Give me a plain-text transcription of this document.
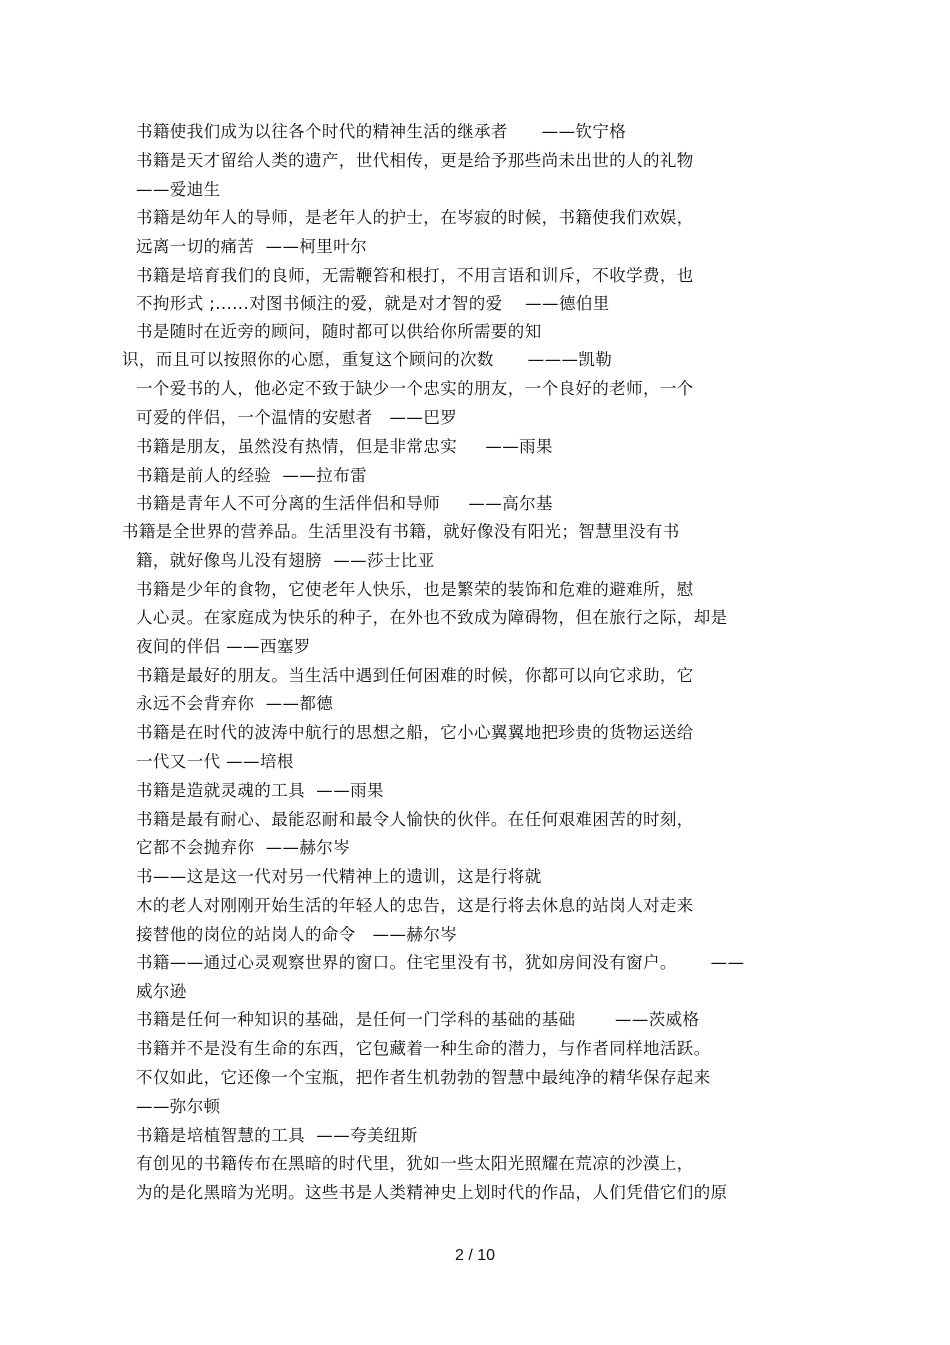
书籍使我们成为以往各个时代的精神生活的继承者      ——钦宁格
书籍是天才留给人类的遗产，世代相传，更是给予那些尚未出世的人的礼物
——爱迪生
书籍是幼年人的导师，是老年人的护士，在岑寂的时候，书籍使我们欢娱，
远离一切的痛苦  ——柯里叶尔
书籍是培育我们的良师，无需鞭笞和根打，不用言语和训斥，不收学费，也
不拘形式 ;......对图书倾注的爱，就是对才智的爱    ——德伯里
书是随时在近旁的顾问，随时都可以供给你所需要的知
识，而且可以按照你的心愿，重复这个顾问的次数      ———凯勒
一个爱书的人，他必定不致于缺少一个忠实的朋友，一个良好的老师，一个
可爱的伴侣，一个温情的安慰者   ——巴罗
书籍是朋友，虽然没有热情，但是非常忠实     ——雨果
书籍是前人的经验  ——拉布雷
书籍是青年人不可分离的生活伴侣和导师     ——高尔基
书籍是全世界的营养品。生活里没有书籍，就好像没有阳光；智慧里没有书
籍，就好像鸟儿没有翅膀  ——莎士比亚
书籍是少年的食物，它使老年人快乐，也是繁荣的装饰和危难的避难所，慰
人心灵。在家庭成为快乐的种子，在外也不致成为障碍物，但在旅行之际，却是
夜间的伴侣 ——西塞罗
书籍是最好的朋友。当生活中遇到任何困难的时候，你都可以向它求助，它
永远不会背弃你  ——都德
书籍是在时代的波涛中航行的思想之船，它小心翼翼地把珍贵的货物运送给
一代又一代 ——培根
书籍是造就灵魂的工具  ——雨果
书籍是最有耐心、最能忍耐和最令人愉快的伙伴。在任何艰难困苦的时刻，
它都不会抛弃你  ——赫尔岑
书——这是这一代对另一代精神上的遗训，这是行将就
木的老人对刚刚开始生活的年轻人的忠告，这是行将去休息的站岗人对走来
接替他的岗位的站岗人的命令   ——赫尔岑
书籍——通过心灵观察世界的窗口。住宅里没有书，犹如房间没有窗户。      ——
威尔逊
书籍是任何一种知识的基础，是任何一门学科的基础的基础       ——茨威格
书籍并不是没有生命的东西，它包藏着一种生命的潜力，与作者同样地活跃。
不仅如此，它还像一个宝瓶，把作者生机勃勃的智慧中最纯净的精华保存起来
——弥尔顿
书籍是培植智慧的工具  ——夸美纽斯
有创见的书籍传布在黑暗的时代里，犹如一些太阳光照耀在荒凉的沙漠上，
为的是化黑暗为光明。这些书是人类精神史上划时代的作品，人们凭借它们的原
2 / 10
